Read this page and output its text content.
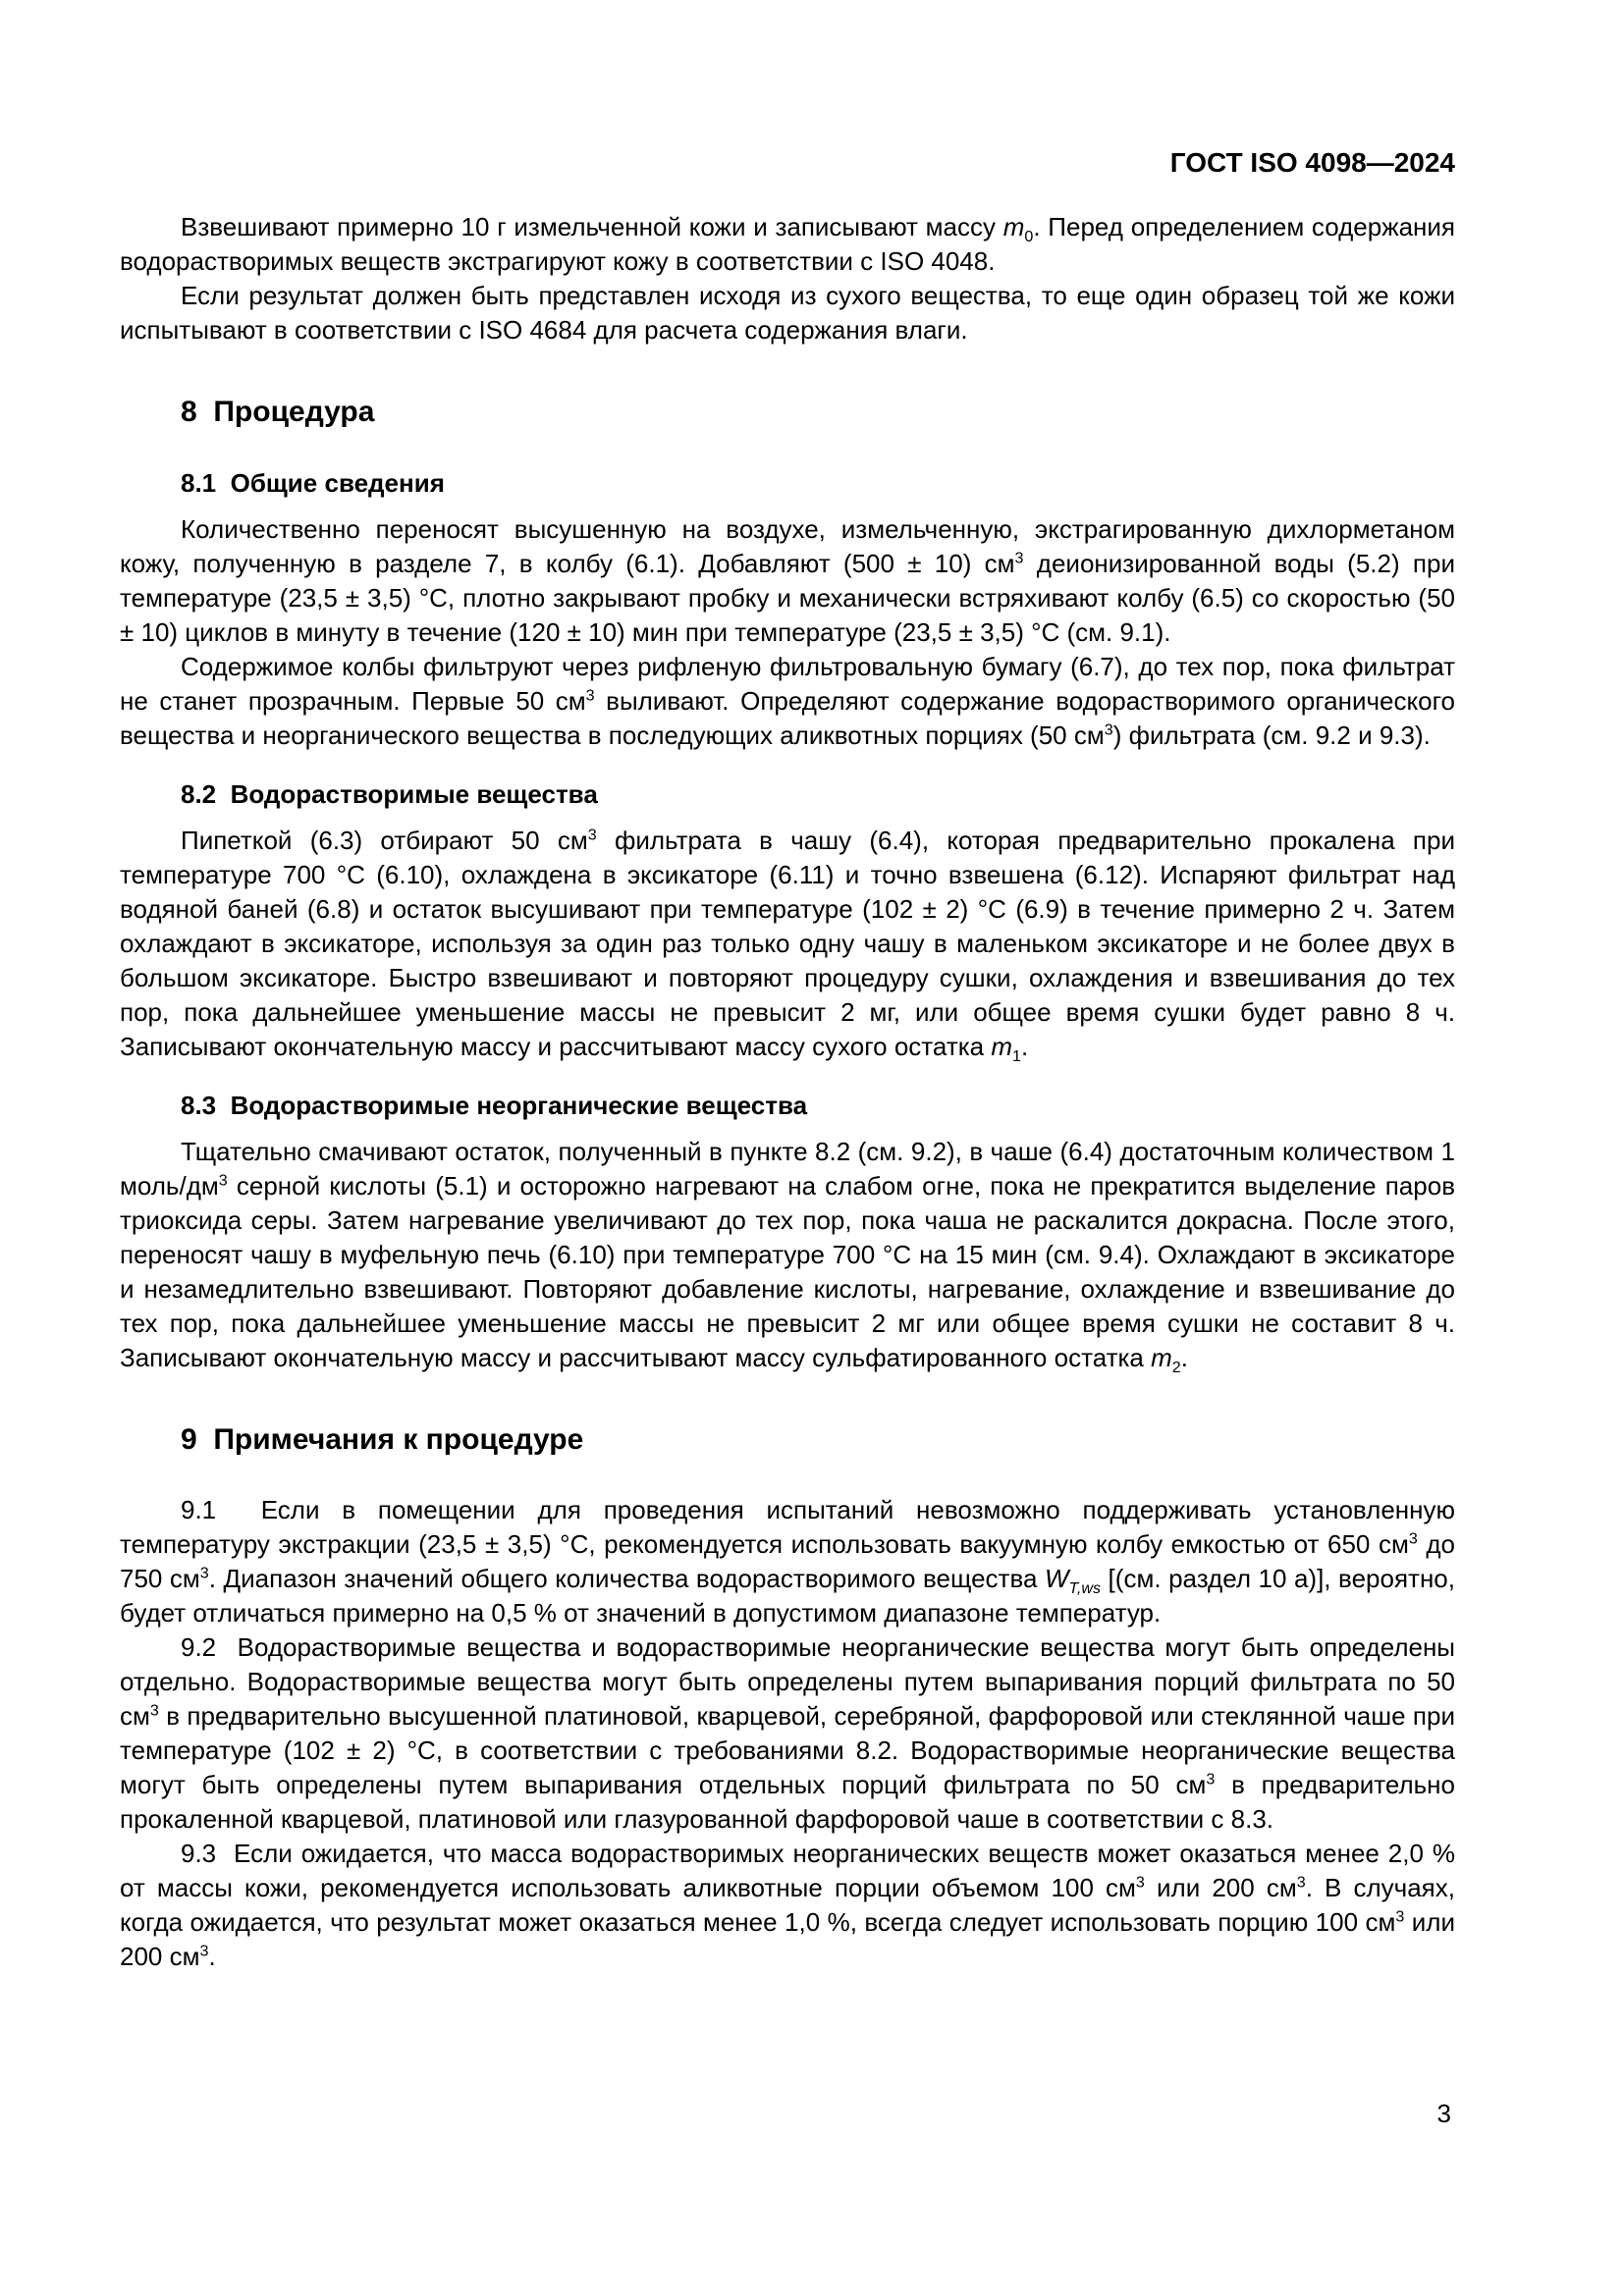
ГОСТ ISO 4098—2024

Взвешивают примерно 10 г измельченной кожи и записывают массу $m_0$. Перед определением содержания водорастворимых веществ экстрагируют кожу в соответствии с ISO 4048.

Если результат должен быть представлен исходя из сухого вещества, то еще один образец той же кожи испытывают в соответствии с ISO 4684 для расчета содержания влаги.

8  Процедура
8.1  Общие сведения

Количественно переносят высушенную на воздухе, измельченную, экстрагированную дихлорметаном кожу, полученную в разделе 7, в колбу (6.1). Добавляют (500 ± 10) $см^3$ деионизированной воды (5.2) при температуре (23,5 ± 3,5) °С, плотно закрывают пробку и механически встряхивают колбу (6.5) со скоростью (50 ± 10) циклов в минуту в течение (120 ± 10) мин при температуре (23,5 ± 3,5) °С (см. 9.1).

Содержимое колбы фильтруют через рифленую фильтровальную бумагу (6.7), до тех пор, пока фильтрат не станет прозрачным. Первые 50 $см^3$ выливают. Определяют содержание водорастворимого органического вещества и неорганического вещества в последующих аликвотных порциях (50 $см^3$) фильтрата (см. 9.2 и 9.3).

8.2  Водорастворимые вещества

Пипеткой (6.3) отбирают 50 $см^3$ фильтрата в чашу (6.4), которая предварительно прокалена при температуре 700 °С (6.10), охлаждена в эксикаторе (6.11) и точно взвешена (6.12). Испаряют фильтрат над водяной баней (6.8) и остаток высушивают при температуре (102 ± 2) °С (6.9) в течение примерно 2 ч. Затем охлаждают в эксикаторе, используя за один раз только одну чашу в маленьком эксикаторе и не более двух в большом эксикаторе. Быстро взвешивают и повторяют процедуру сушки, охлаждения и взвешивания до тех пор, пока дальнейшее уменьшение массы не превысит 2 мг, или общее время сушки будет равно 8 ч. Записывают окончательную массу и рассчитывают массу сухого остатка $m_1$.

8.3  Водорастворимые неорганические вещества

Тщательно смачивают остаток, полученный в пункте 8.2 (см. 9.2), в чаше (6.4) достаточным количеством 1 моль/$дм^3$ серной кислоты (5.1) и осторожно нагревают на слабом огне, пока не прекратится выделение паров триоксида серы. Затем нагревание увеличивают до тех пор, пока чаша не раскалится докрасна. После этого, переносят чашу в муфельную печь (6.10) при температуре 700 °С на 15 мин (см. 9.4). Охлаждают в эксикаторе и незамедлительно взвешивают. Повторяют добавление кислоты, нагревание, охлаждение и взвешивание до тех пор, пока дальнейшее уменьшение массы не превысит 2 мг или общее время сушки не составит 8 ч. Записывают окончательную массу и рассчитывают массу сульфатированного остатка $m_2$.

9  Примечания к процедуре

9.1  Если в помещении для проведения испытаний невозможно поддерживать установленную температуру экстракции (23,5 ± 3,5) °С, рекомендуется использовать вакуумную колбу емкостью от 650 $см^3$ до 750 $см^3$. Диапазон значений общего количества водорастворимого вещества $W_{T,ws}$ [(см. раздел 10 а)], вероятно, будет отличаться примерно на 0,5 % от значений в допустимом диапазоне температур.

9.2  Водорастворимые вещества и водорастворимые неорганические вещества могут быть определены отдельно. Водорастворимые вещества могут быть определены путем выпаривания порций фильтрата по 50 $см^3$ в предварительно высушенной платиновой, кварцевой, серебряной, фарфоровой или стеклянной чаше при температуре (102 ± 2) °С, в соответствии с требованиями 8.2. Водорастворимые неорганические вещества могут быть определены путем выпаривания отдельных порций фильтрата по 50 $см^3$ в предварительно прокаленной кварцевой, платиновой или глазурованной фарфоровой чаше в соответствии с 8.3.

9.3  Если ожидается, что масса водорастворимых неорганических веществ может оказаться менее 2,0 % от массы кожи, рекомендуется использовать аликвотные порции объемом 100 $см^3$ или 200 $см^3$. В случаях, когда ожидается, что результат может оказаться менее 1,0 %, всегда следует использовать порцию 100 $см^3$ или 200 $см^3$.

3
